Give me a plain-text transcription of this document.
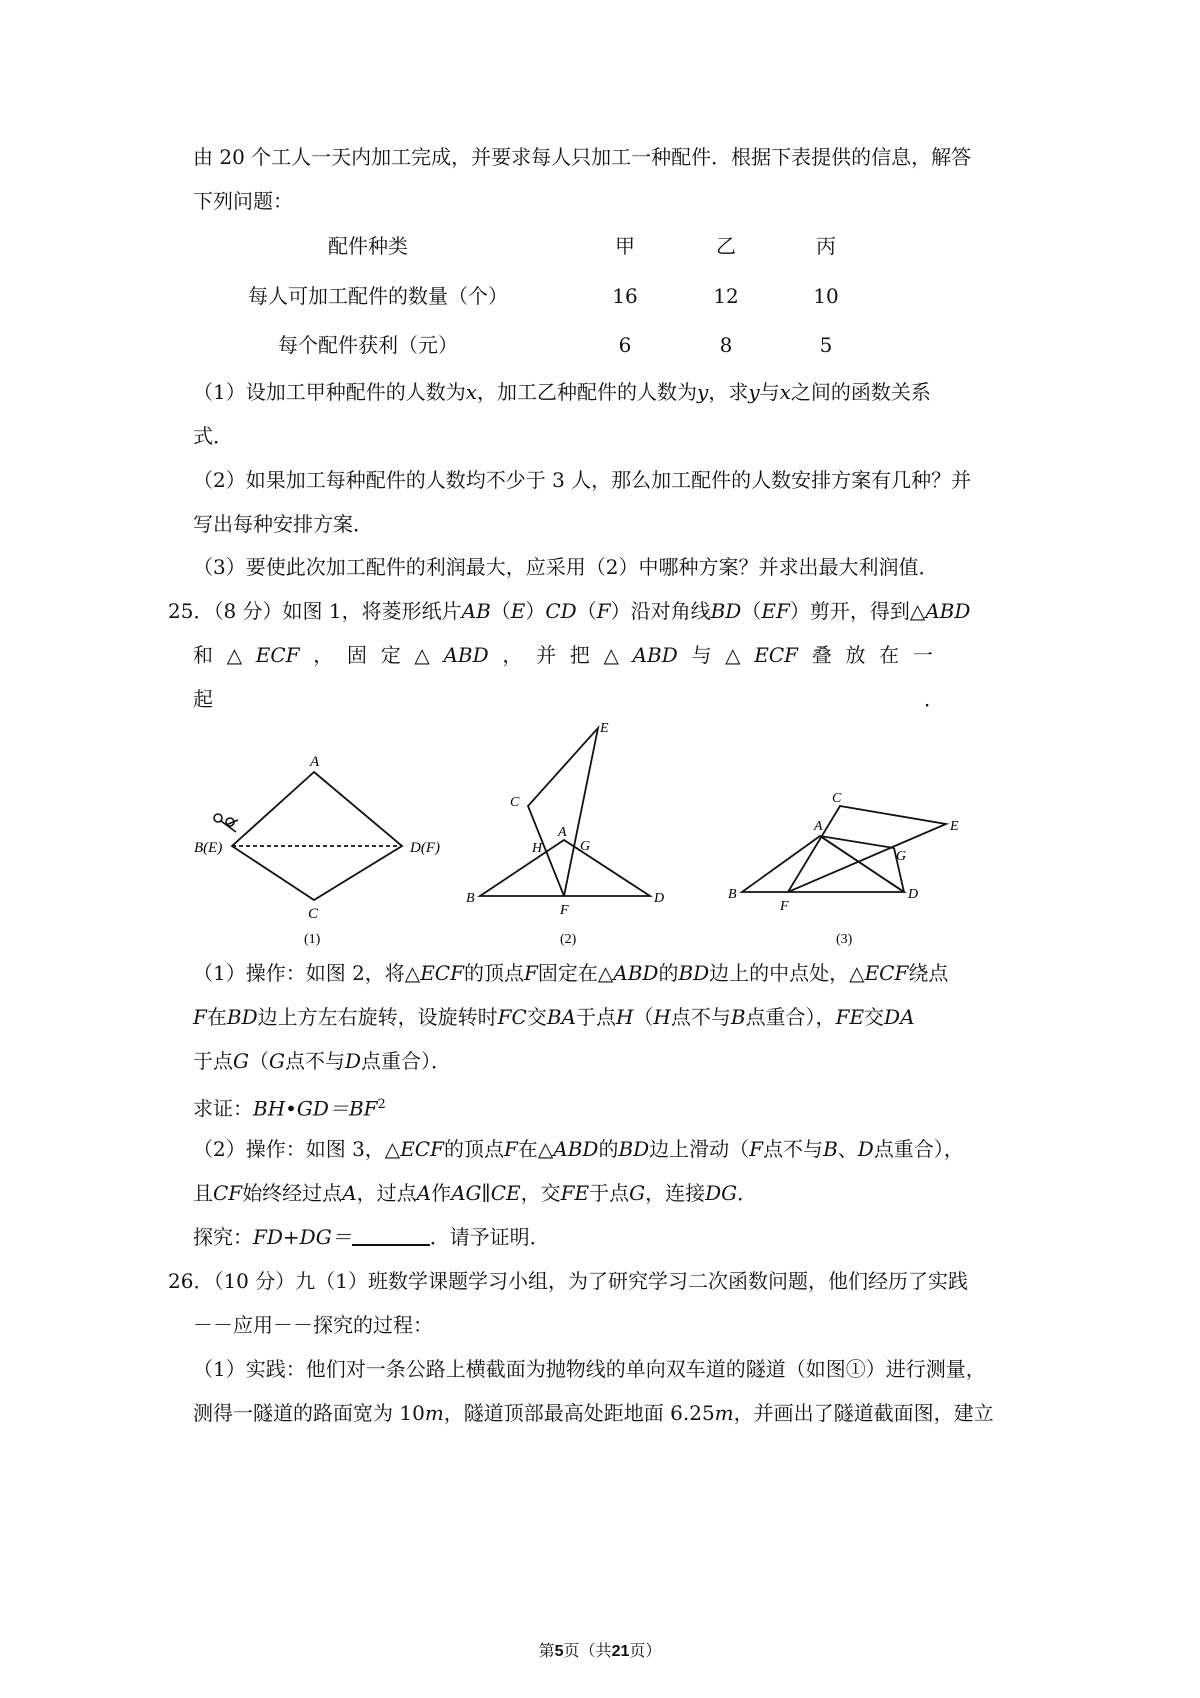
由 20 个工人一天内加工完成，并要求每人只加工一种配件．根据下表提供的信息，解答
下列问题：
配件种类	甲	乙	丙
每人可加工配件的数量（个）	16	12	10
每个配件获利（元）	6	8	5
（1）设加工甲种配件的人数为x，加工乙种配件的人数为y，求y与x之间的函数关系
式．
（2）如果加工每种配件的人数均不少于 3 人，那么加工配件的人数安排方案有几种？并
写出每种安排方案．
（3）要使此次加工配件的利润最大，应采用（2）中哪种方案？并求出最大利润值．
25．（8 分）如图 1，将菱形纸片AB（E）CD（F）沿对角线BD（EF）剪开，得到△ABD
和 △ ECF ， 固 定 △ ABD ， 并 把 △ ABD 与 △ ECF 叠 放 在 一
起	．
A
B(E)	D(F)
C
(1)
E
C
A
H	G
B
F
D
(2)
C
E
A
G
B
F
D
(3)
（1）操作：如图 2，将△ECF的顶点F固定在△ABD的BD边上的中点处，△ECF绕点
F在BD边上方左右旋转，设旋转时FC交BA于点H（H点不与B点重合），FE交DA
于点G（G点不与D点重合）．
求证：$BH•GD=BF^2$
（2）操作：如图 3，△ECF的顶点F在△ABD的BD边上滑动（F点不与B、D点重合），
且CF始终经过点A，过点A作AG∥CE，交FE于点G，连接DG．
探究：FD+DG＝	．请予证明．
26．（10 分）九（1）班数学课题学习小组，为了研究学习二次函数问题，他们经历了实践
－－应用－－探究的过程：
（1）实践：他们对一条公路上横截面为抛物线的单向双车道的隧道（如图①）进行测量，
测得一隧道的路面宽为 10m，隧道顶部最高处距地面 6.25m，并画出了隧道截面图，建立
第5页（共21页）
